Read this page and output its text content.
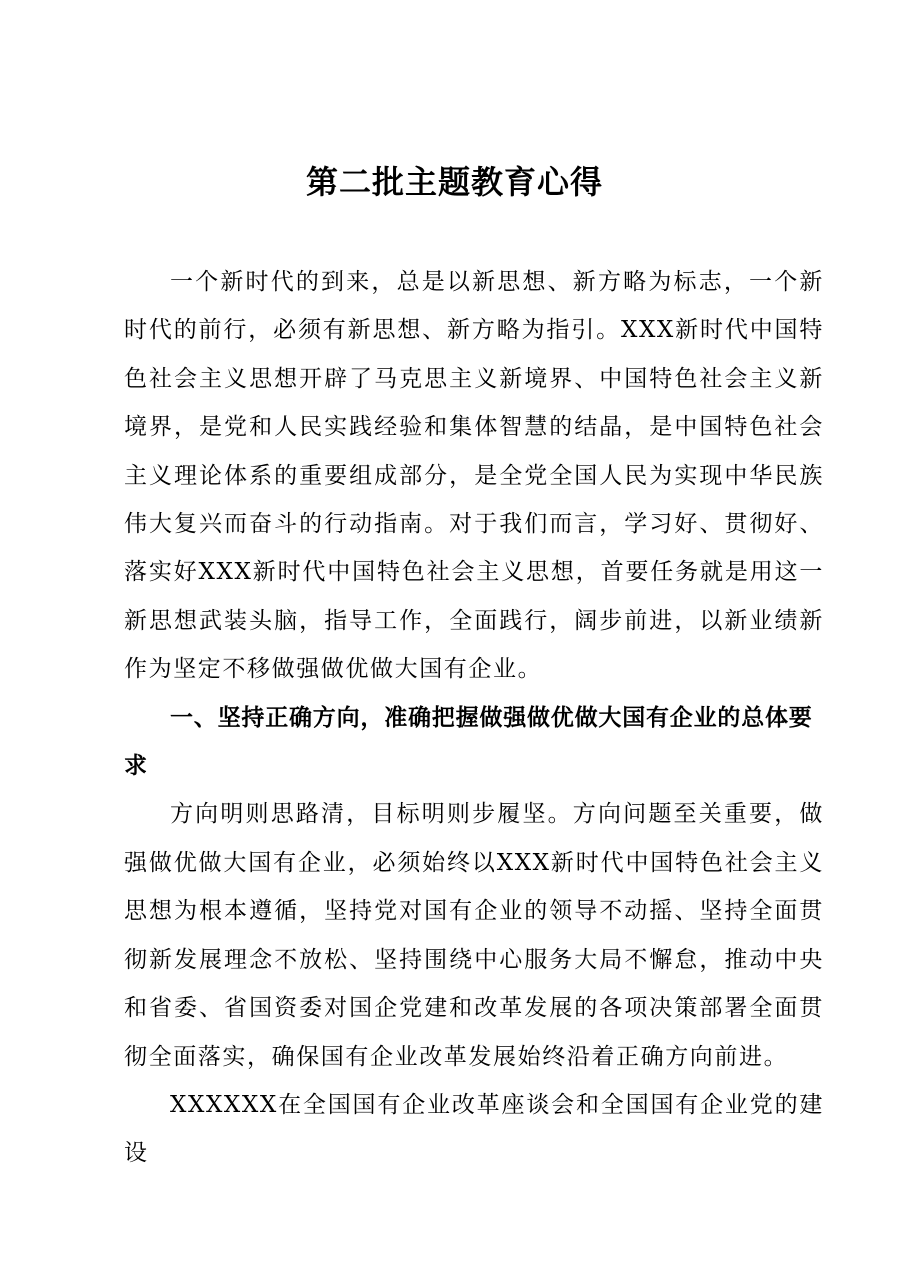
第二批主题教育心得

一个新时代的到来，总是以新思想、新方略为标志，一个新时代的前行，必须有新思想、新方略为指引。XXX新时代中国特色社会主义思想开辟了马克思主义新境界、中国特色社会主义新境界，是党和人民实践经验和集体智慧的结晶，是中国特色社会主义理论体系的重要组成部分，是全党全国人民为实现中华民族伟大复兴而奋斗的行动指南。对于我们而言，学习好、贯彻好、落实好XXX新时代中国特色社会主义思想，首要任务就是用这一新思想武装头脑，指导工作，全面践行，阔步前进，以新业绩新作为坚定不移做强做优做大国有企业。

一、坚持正确方向，准确把握做强做优做大国有企业的总体要求

方向明则思路清，目标明则步履坚。方向问题至关重要，做强做优做大国有企业，必须始终以XXX新时代中国特色社会主义思想为根本遵循，坚持党对国有企业的领导不动摇、坚持全面贯彻新发展理念不放松、坚持围绕中心服务大局不懈怠，推动中央和省委、省国资委对国企党建和改革发展的各项决策部署全面贯彻全面落实，确保国有企业改革发展始终沿着正确方向前进。

XXXXXX在全国国有企业改革座谈会和全国国有企业党的建设
